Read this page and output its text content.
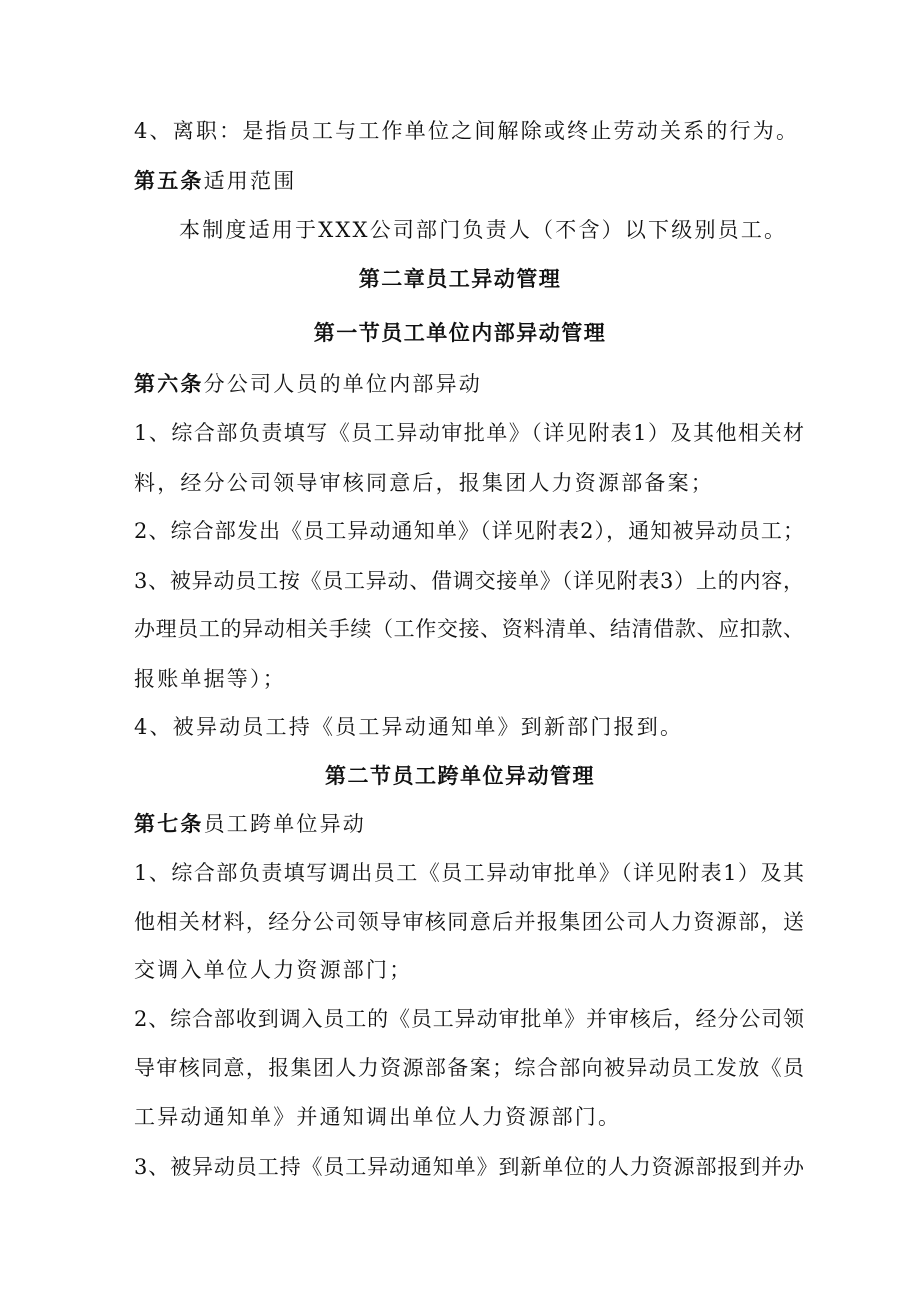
4、离职：是指员工与工作单位之间解除或终止劳动关系的行为。
第五条适用范围
本制度适用于XXX公司部门负责人（不含）以下级别员工。
第二章员工异动管理
第一节员工单位内部异动管理
第六条分公司人员的单位内部异动
1、综合部负责填写《员工异动审批单》（详见附表1）及其他相关材
料，经分公司领导审核同意后，报集团人力资源部备案；
2、综合部发出《员工异动通知单》（详见附表2），通知被异动员工；
3、被异动员工按《员工异动、借调交接单》（详见附表3）上的内容，
办理员工的异动相关手续（工作交接、资料清单、结清借款、应扣款、
报账单据等）；
4、被异动员工持《员工异动通知单》到新部门报到。
第二节员工跨单位异动管理
第七条员工跨单位异动
1、综合部负责填写调出员工《员工异动审批单》（详见附表1）及其
他相关材料，经分公司领导审核同意后并报集团公司人力资源部，送
交调入单位人力资源部门；
2、综合部收到调入员工的《员工异动审批单》并审核后，经分公司领
导审核同意，报集团人力资源部备案；综合部向被异动员工发放《员
工异动通知单》并通知调出单位人力资源部门。
3、被异动员工持《员工异动通知单》到新单位的人力资源部报到并办
